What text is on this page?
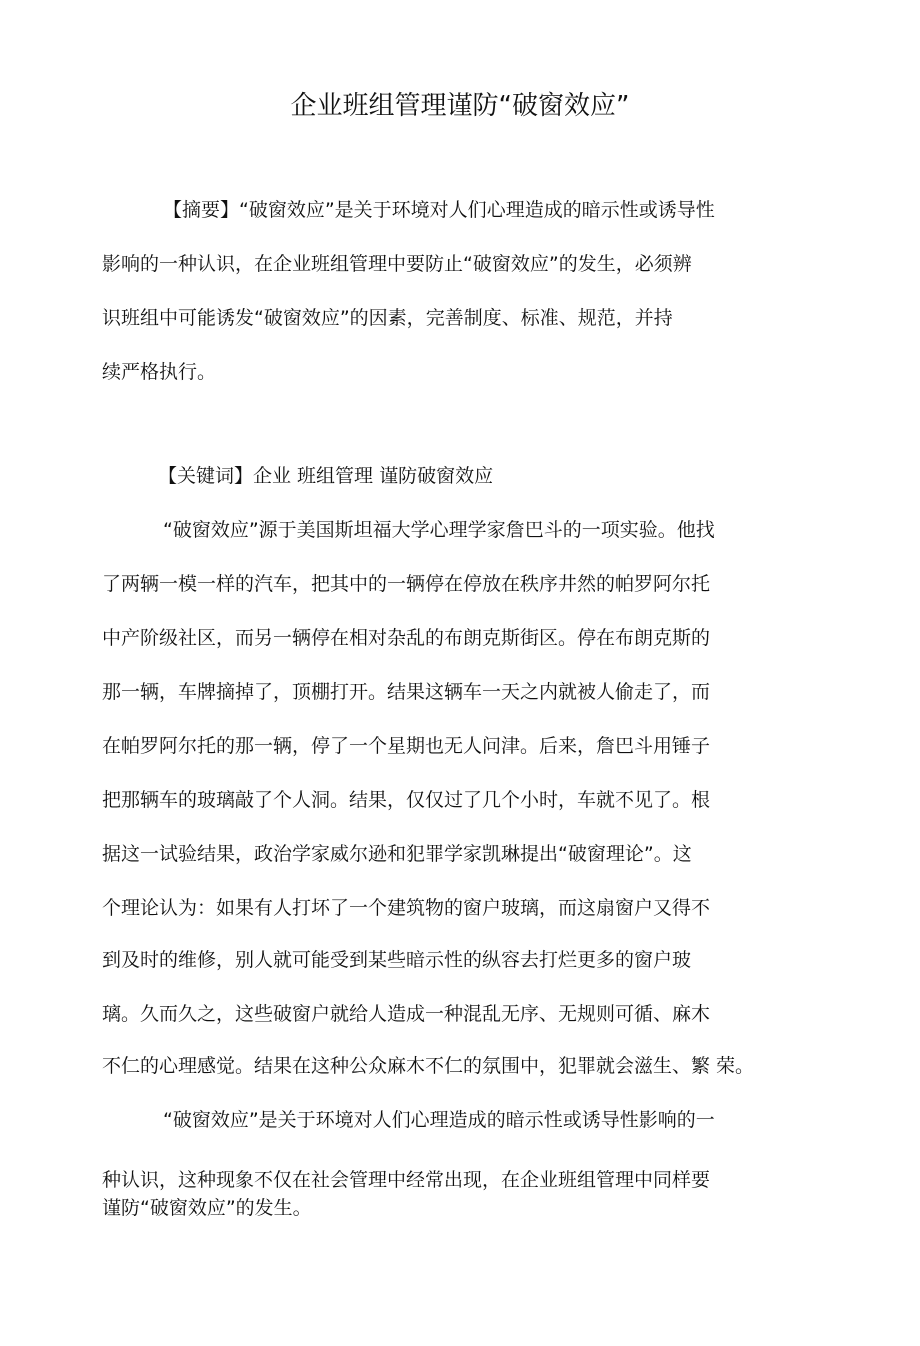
企业班组管理谨防“破窗效应”
【摘要】“破窗效应”是关于环境对人们心理造成的暗示性或诱导性
影响的一种认识，在企业班组管理中要防止“破窗效应”的发生，必须辨
识班组中可能诱发“破窗效应”的因素，完善制度、标准、规范，并持
续严格执行。
【关键词】企业 班组管理 谨防破窗效应
“破窗效应”源于美国斯坦福大学心理学家詹巴斗的一项实验。他找
了两辆一模一样的汽车，把其中的一辆停在停放在秩序井然的帕罗阿尔托
中产阶级社区，而另一辆停在相对杂乱的布朗克斯街区。停在布朗克斯的
那一辆，车牌摘掉了，顶棚打开。结果这辆车一天之内就被人偷走了，而
在帕罗阿尔托的那一辆，停了一个星期也无人问津。后来，詹巴斗用锤子
把那辆车的玻璃敲了个人洞。结果，仅仅过了几个小时，车就不见了。根
据这一试验结果，政治学家威尔逊和犯罪学家凯琳提出“破窗理论”。这
个理论认为：如果有人打坏了一个建筑物的窗户玻璃，而这扇窗户又得不
到及时的维修，别人就可能受到某些暗示性的纵容去打烂更多的窗户玻
璃。久而久之，这些破窗户就给人造成一种混乱无序、无规则可循、麻木
不仁的心理感觉。结果在这种公众麻木不仁的氛围中，犯罪就会滋生、繁 荣。
“破窗效应”是关于环境对人们心理造成的暗示性或诱导性影响的一
种认识，这种现象不仅在社会管理中经常出现，在企业班组管理中同样要
谨防“破窗效应”的发生。
